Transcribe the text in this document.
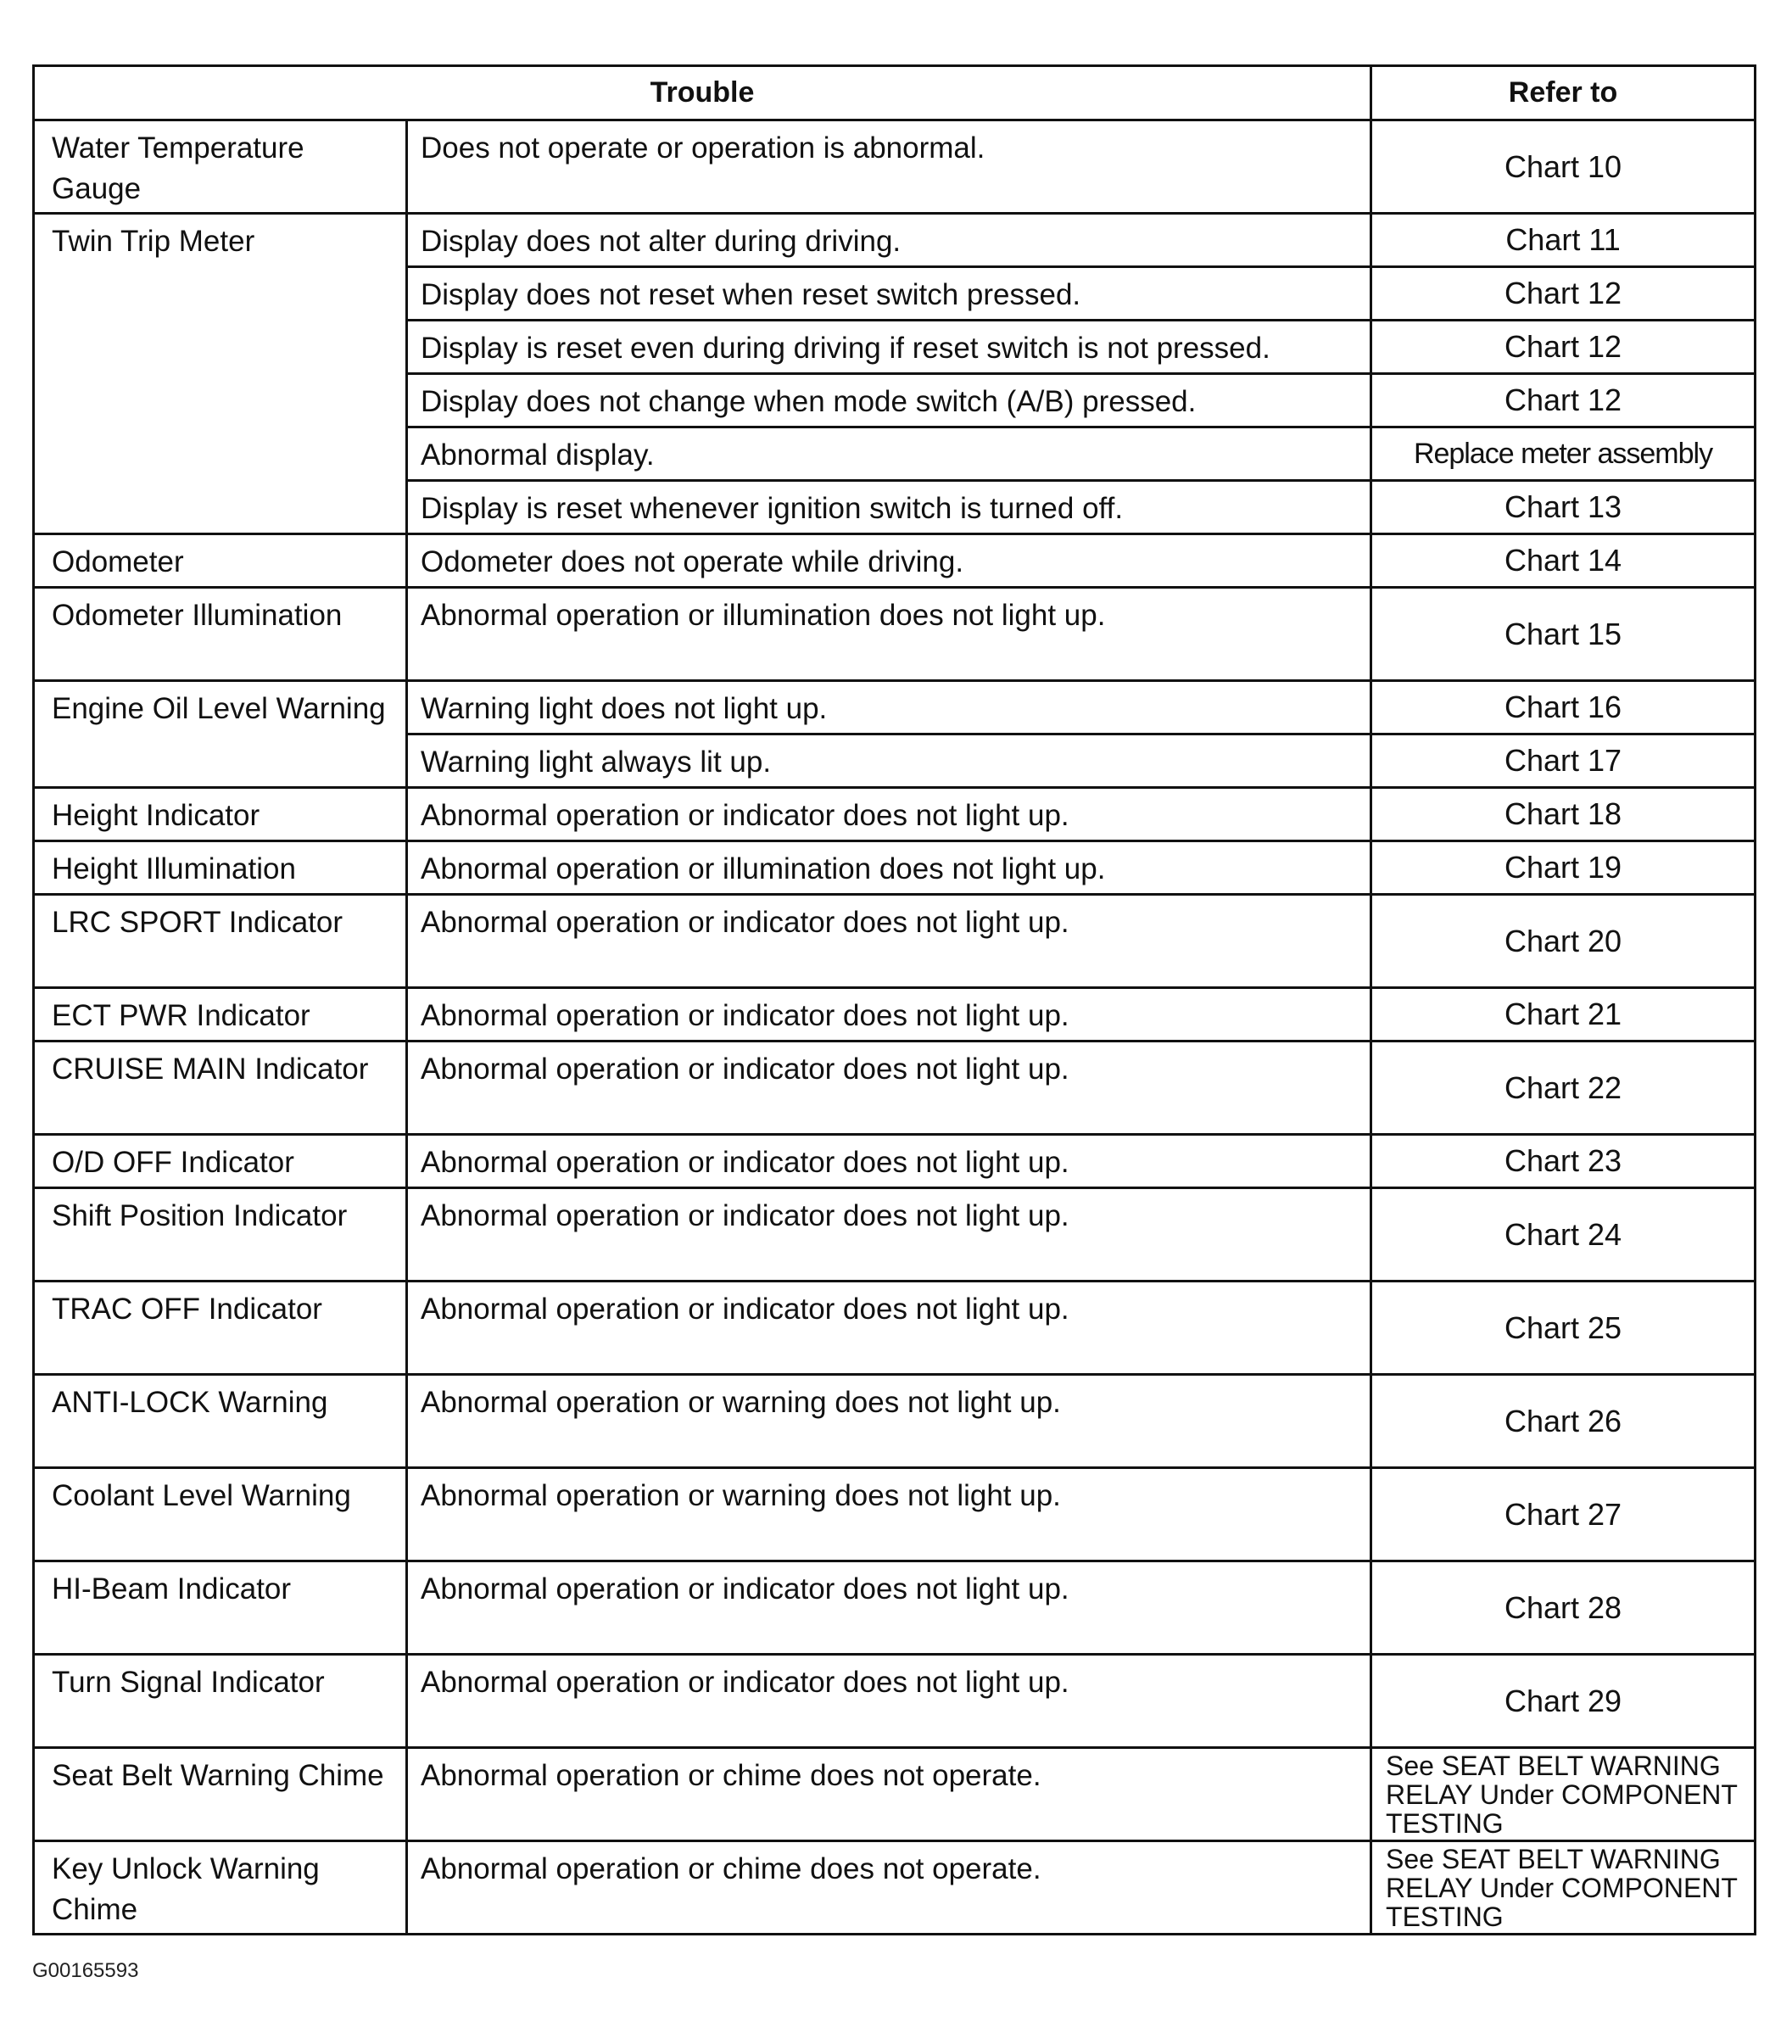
Trouble		Refer to
Water Temperature Gauge	Does not operate or operation is abnormal.	Chart 10
Twin Trip Meter	Display does not alter during driving.	Chart 11
	Display does not reset when reset switch pressed.	Chart 12
	Display is reset even during driving if reset switch is not pressed.	Chart 12
	Display does not change when mode switch (A/B) pressed.	Chart 12
	Abnormal display.	Replace meter assembly
	Display is reset whenever ignition switch is turned off.	Chart 13
Odometer	Odometer does not operate while driving.	Chart 14
Odometer Illumination	Abnormal operation or illumination does not light up.	Chart 15
Engine Oil Level Warning	Warning light does not light up.	Chart 16
	Warning light always lit up.	Chart 17
Height Indicator	Abnormal operation or indicator does not light up.	Chart 18
Height Illumination	Abnormal operation or illumination does not light up.	Chart 19
LRC SPORT Indicator	Abnormal operation or indicator does not light up.	Chart 20
ECT PWR Indicator	Abnormal operation or indicator does not light up.	Chart 21
CRUISE MAIN Indicator	Abnormal operation or indicator does not light up.	Chart 22
O/D OFF Indicator	Abnormal operation or indicator does not light up.	Chart 23
Shift Position Indicator	Abnormal operation or indicator does not light up.	Chart 24
TRAC OFF Indicator	Abnormal operation or indicator does not light up.	Chart 25
ANTI-LOCK Warning	Abnormal operation or warning does not light up.	Chart 26
Coolant Level Warning	Abnormal operation or warning does not light up.	Chart 27
HI-Beam Indicator	Abnormal operation or indicator does not light up.	Chart 28
Turn Signal Indicator	Abnormal operation or indicator does not light up.	Chart 29
Seat Belt Warning Chime	Abnormal operation or chime does not operate.	See SEAT BELT WARNING RELAY Under COMPONENT TESTING
Key Unlock Warning Chime	Abnormal operation or chime does not operate.	See SEAT BELT WARNING RELAY Under COMPONENT TESTING
G00165593
